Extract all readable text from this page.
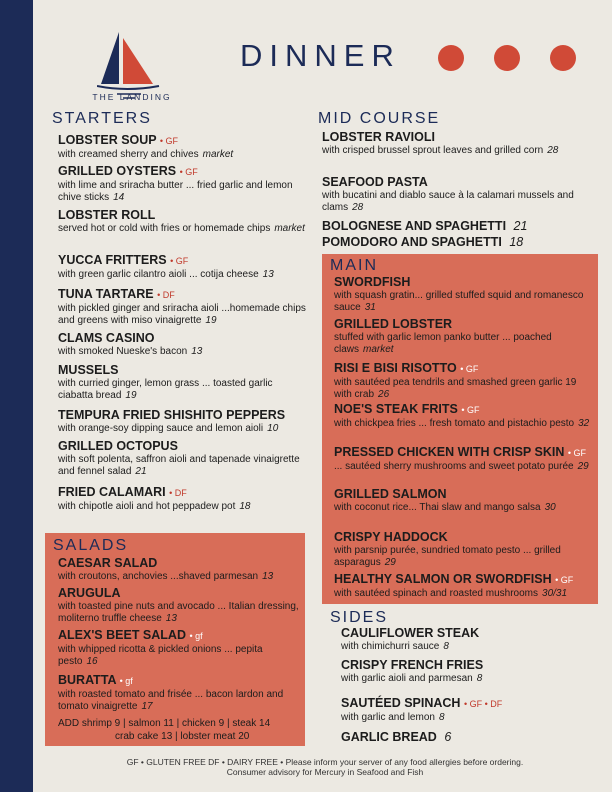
THE LANDING
DINNER
STARTERS
LOBSTER SOUP • GF
with creamed sherry and chives market
GRILLED OYSTERS • GF
with lime and sriracha butter ... fried garlic and lemon chive sticks 14
LOBSTER ROLL
served hot or cold with fries or homemade chips market
YUCCA FRITTERS • GF
with green garlic cilantro aioli ... cotija cheese 13
TUNA TARTARE • DF
with pickled ginger and sriracha aioli ...homemade chips and greens with miso vinaigrette 19
CLAMS CASINO
with smoked Nueske's bacon 13
MUSSELS
with curried ginger, lemon grass ... toasted garlic ciabatta bread 19
TEMPURA FRIED SHISHITO PEPPERS
with orange-soy dipping sauce and lemon aioli 10
GRILLED OCTOPUS
with soft polenta, saffron aioli and tapenade vinaigrette and fennel salad 21
FRIED CALAMARI • DF
with chipotle aioli and hot peppadew pot 18
SALADS
CAESAR SALAD
with croutons, anchovies ...shaved parmesan 13
ARUGULA
with toasted pine nuts and avocado ... Italian dressing, moliterno truffle cheese 13
ALEX'S BEET SALAD • gf
with whipped ricotta & pickled onions ... pepita pesto 16
BURATTA • gf
with roasted tomato and frisée ... bacon lardon and tomato vinaigrette 17
ADD shrimp 9 | salmon 11 | chicken 9 | steak 14
crab cake 13 | lobster meat 20
MID COURSE
LOBSTER RAVIOLI
with crisped brussel sprout leaves and grilled corn 28
SEAFOOD PASTA
with bucatini and diablo sauce à la calamari mussels and clams 28
BOLOGNESE AND SPAGHETTI 21
POMODORO AND SPAGHETTI 18
MAIN
SWORDFISH
with squash gratin... grilled stuffed squid and romanesco sauce 31
GRILLED LOBSTER
stuffed with garlic lemon panko butter ... poached claws market
RISI E BISI RISOTTO • GF
with sautéed pea tendrils and smashed green garlic 19 with crab 26
NOE'S STEAK FRITS • GF
with chickpea fries ... fresh tomato and pistachio pesto 32
PRESSED CHICKEN WITH CRISP SKIN • GF
... sautéed sherry mushrooms and sweet potato purée 29
GRILLED SALMON
with coconut rice... Thai slaw and mango salsa 30
CRISPY HADDOCK
with parsnip purée, sundried tomato pesto ... grilled asparagus 29
HEALTHY SALMON OR SWORDFISH • GF
with sautéed spinach and roasted mushrooms 30/31
SIDES
CAULIFLOWER STEAK
with chimichurri sauce 8
CRISPY FRENCH FRIES
with garlic aioli and parmesan 8
SAUTÉED SPINACH • GF • DF
with garlic and lemon 8
GARLIC BREAD 6
GF • GLUTEN FREE DF • DAIRY FREE • Please inform your server of any food allergies before ordering.
Consumer advisory for Mercury in Seafood and Fish
